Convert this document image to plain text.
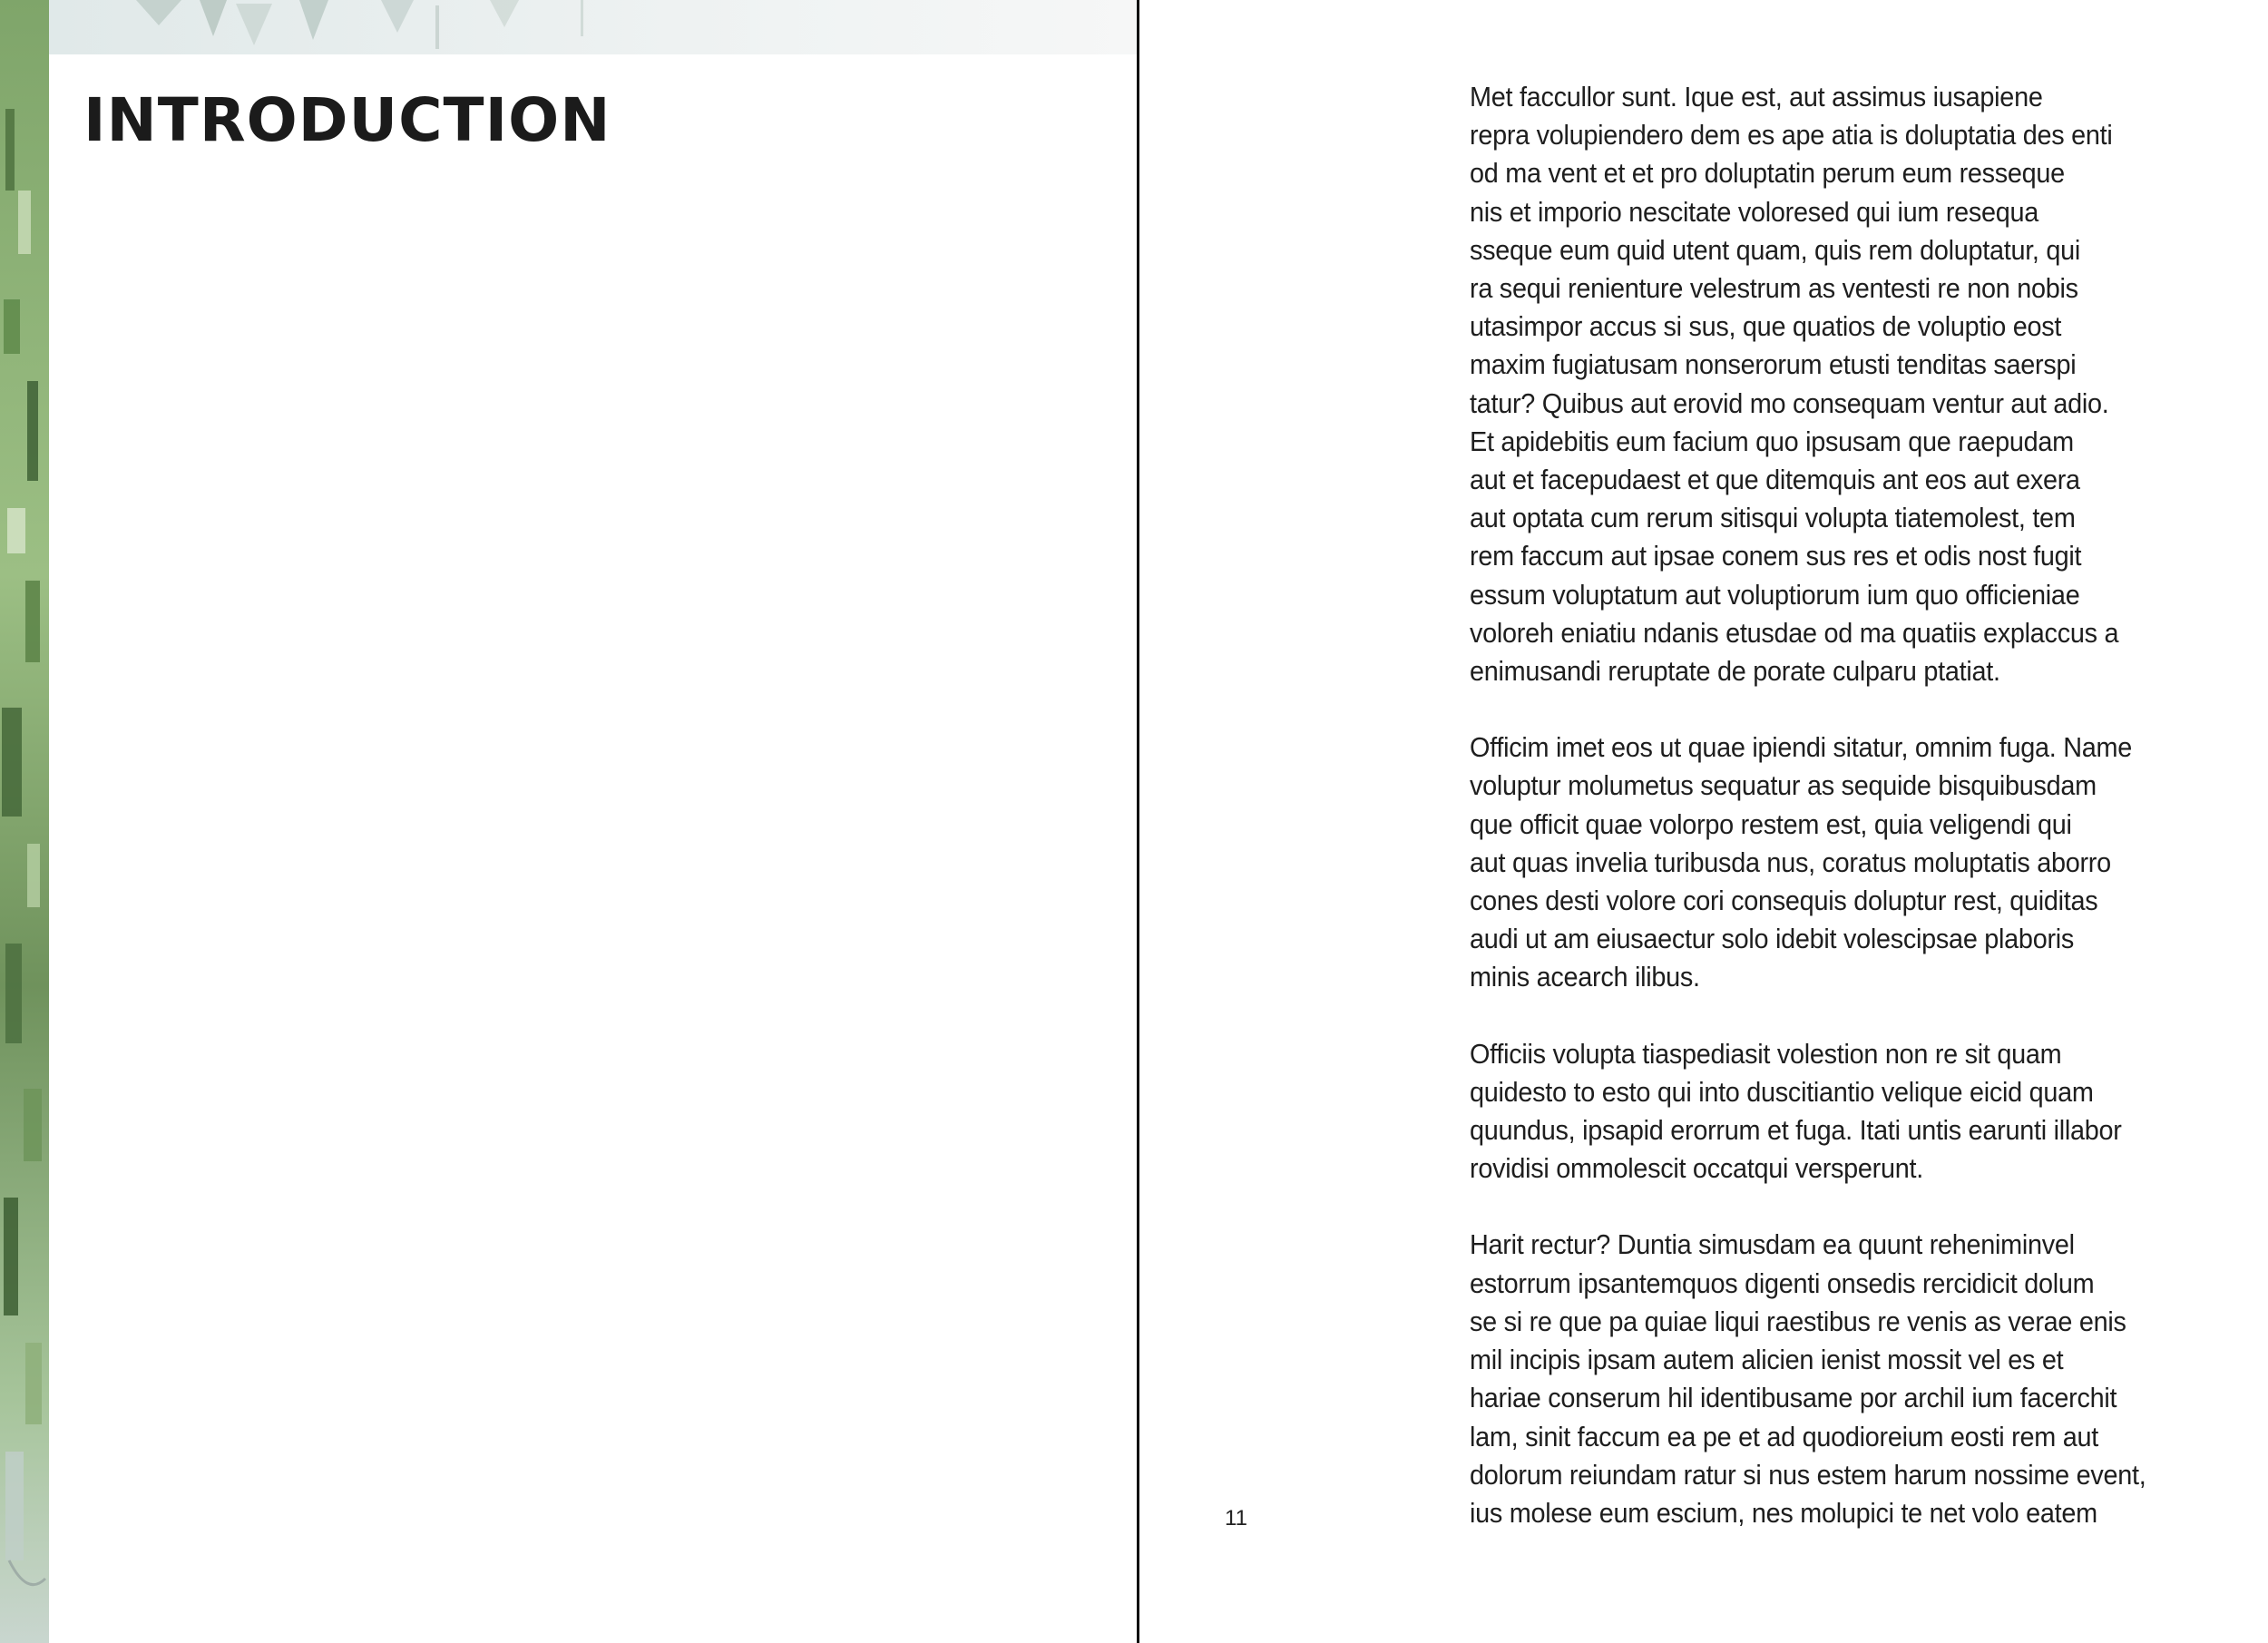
INTRODUCTION
11

Met faccullor sunt. Ique est, aut assimus iusapiene
repra volupiendero dem es ape atia is doluptatia des enti
od ma vent et et pro doluptatin perum eum resseque
nis et imporio nescitate voloresed qui ium resequa
sseque eum quid utent quam, quis rem doluptatur, qui
ra sequi renienture velestrum as ventesti re non nobis
utasimpor accus si sus, que quatios de voluptio eost
maxim fugiatusam nonserorum etusti tenditas saerspi
tatur? Quibus aut erovid mo consequam ventur aut adio.
Et apidebitis eum facium quo ipsusam que raepudam
aut et facepudaest et que ditemquis ant eos aut exera
aut optata cum rerum sitisqui volupta tiatemolest, tem
rem faccum aut ipsae conem sus res et odis nost fugit
essum voluptatum aut voluptiorum ium quo officieniae
voloreh eniatiu ndanis etusdae od ma quatiis explaccus a
enimusandi reruptate de porate culparu ptatiat.

Officim imet eos ut quae ipiendi sitatur, omnim fuga. Name
voluptur molumetus sequatur as sequide bisquibusdam
que officit quae volorpo restem est, quia veligendi qui
aut quas invelia turibusda nus, coratus moluptatis aborro
cones desti volore cori consequis doluptur rest, quiditas
audi ut am eiusaectur solo idebit volescipsae plaboris
minis acearch ilibus.

Officiis volupta tiaspediasit volestion non re sit quam
quidesto to esto qui into duscitiantio velique eicid quam
quundus, ipsapid erorrum et fuga. Itati untis earunti illabor
rovidisi ommolescit occatqui versperunt.

Harit rectur? Duntia simusdam ea quunt reheniminvel
estorrum ipsantemquos digenti onsedis rercidicit dolum
se si re que pa quiae liqui raestibus re venis as verae enis
mil incipis ipsam autem alicien ienist mossit vel es et
hariae conserum hil identibusame por archil ium facerchit
lam, sinit faccum ea pe et ad quodioreium eosti rem aut
dolorum reiundam ratur si nus estem harum nossime event,
ius molese eum escium, nes molupici te net volo eatem
